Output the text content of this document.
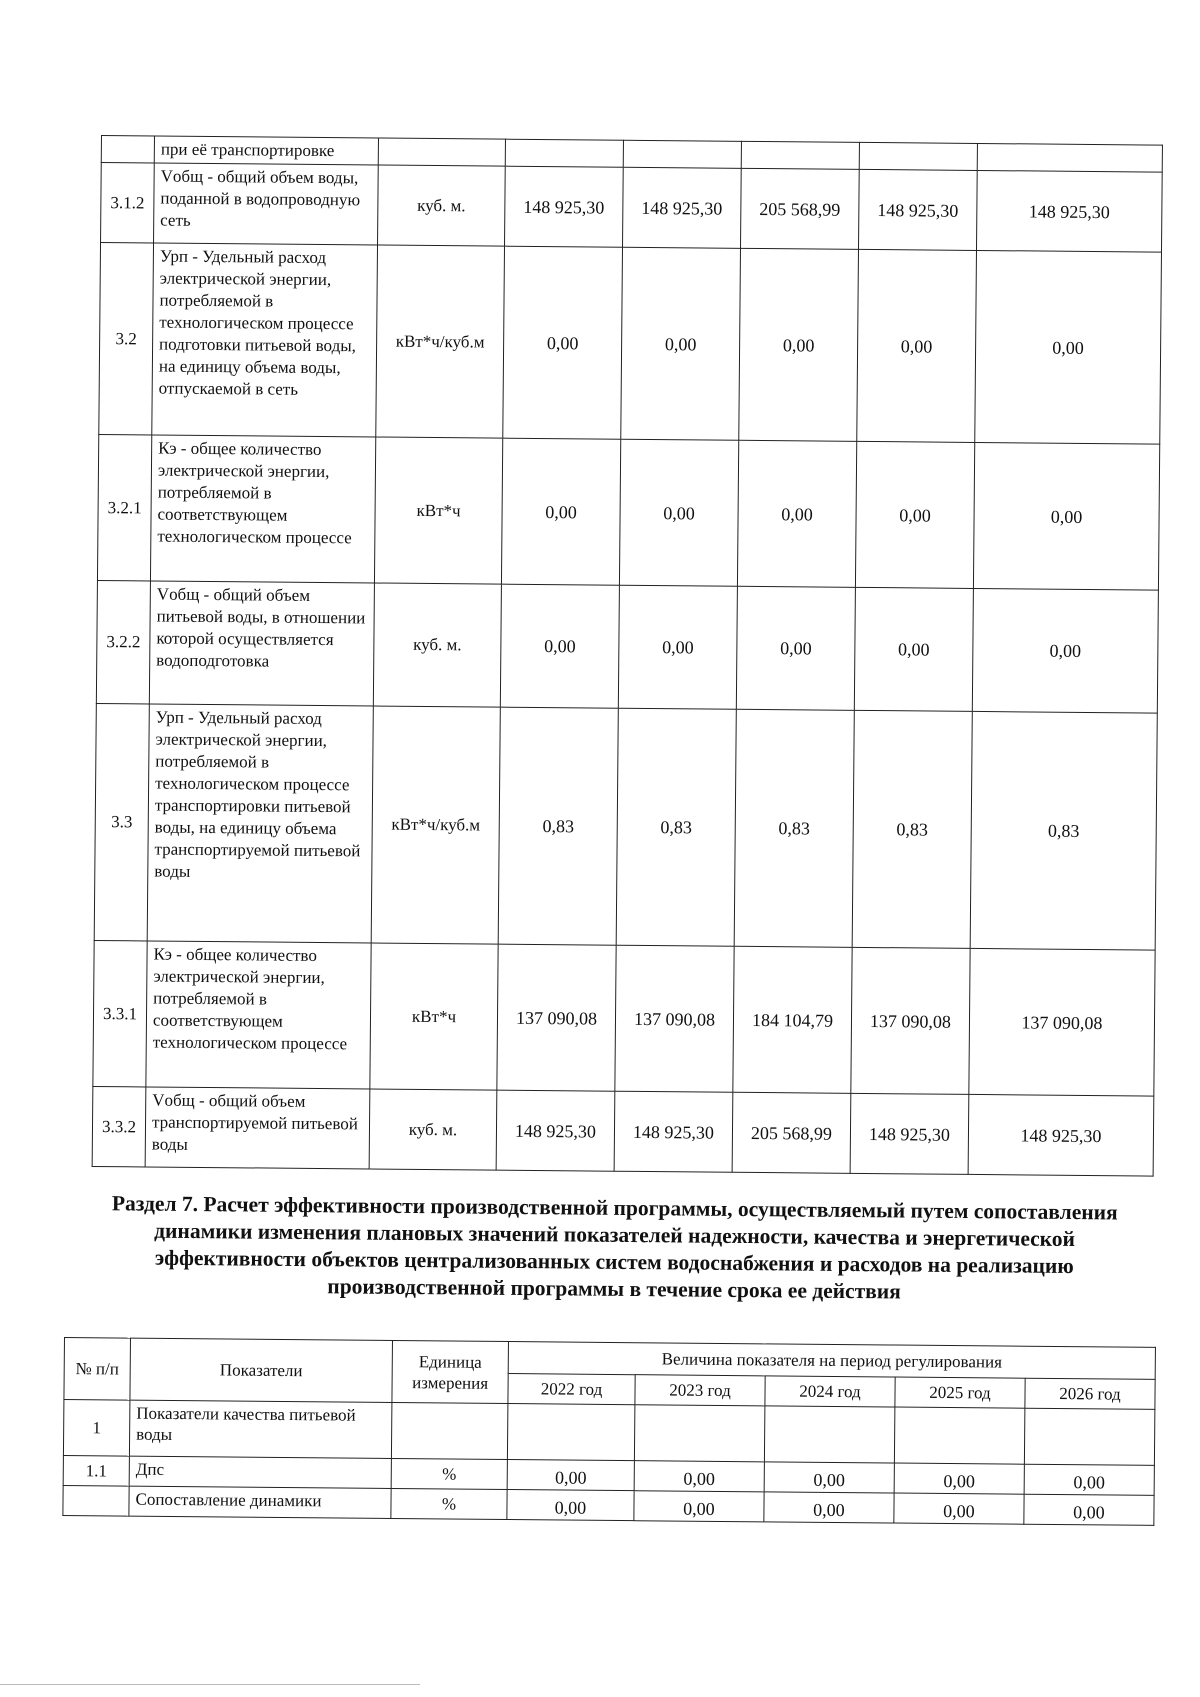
	при её транспортировке						
3.1.2	Vобщ - общий объем воды, поданной в водопроводную сеть	куб. м.	148 925,30	148 925,30	205 568,99	148 925,30	148 925,30
3.2	Урп - Удельный расход электрической энергии, потребляемой в технологическом процессе подготовки питьевой воды, на единицу объема воды, отпускаемой в сеть	кВт*ч/куб.м	0,00	0,00	0,00	0,00	0,00
3.2.1	Кэ - общее количество электрической энергии, потребляемой в соответствующем технологическом процессе	кВт*ч	0,00	0,00	0,00	0,00	0,00
3.2.2	Vобщ - общий объем питьевой воды, в отношении которой осуществляется водоподготовка	куб. м.	0,00	0,00	0,00	0,00	0,00
3.3	Урп - Удельный расход электрической энергии, потребляемой в технологическом процессе транспортировки питьевой воды, на единицу объема транспортируемой питьевой воды	кВт*ч/куб.м	0,83	0,83	0,83	0,83	0,83
3.3.1	Кэ - общее количество электрической энергии, потребляемой в соответствующем технологическом процессе	кВт*ч	137 090,08	137 090,08	184 104,79	137 090,08	137 090,08
3.3.2	Vобщ - общий объем транспортируемой питьевой воды	куб. м.	148 925,30	148 925,30	205 568,99	148 925,30	148 925,30
Раздел 7. Расчет эффективности производственной программы, осуществляемый путем сопоставления динамики изменения плановых значений показателей надежности, качества и энергетической эффективности объектов централизованных систем водоснабжения и расходов на реализацию производственной программы в течение срока ее действия
№ п/п	Показатели	Единица измерения	Величина показателя на период регулирования				
			2022 год	2023 год	2024 год	2025 год	2026 год
1	Показатели качества питьевой воды						
1.1	Дпс	%	0,00	0,00	0,00	0,00	0,00
	Сопоставление динамики	%	0,00	0,00	0,00	0,00	0,00
